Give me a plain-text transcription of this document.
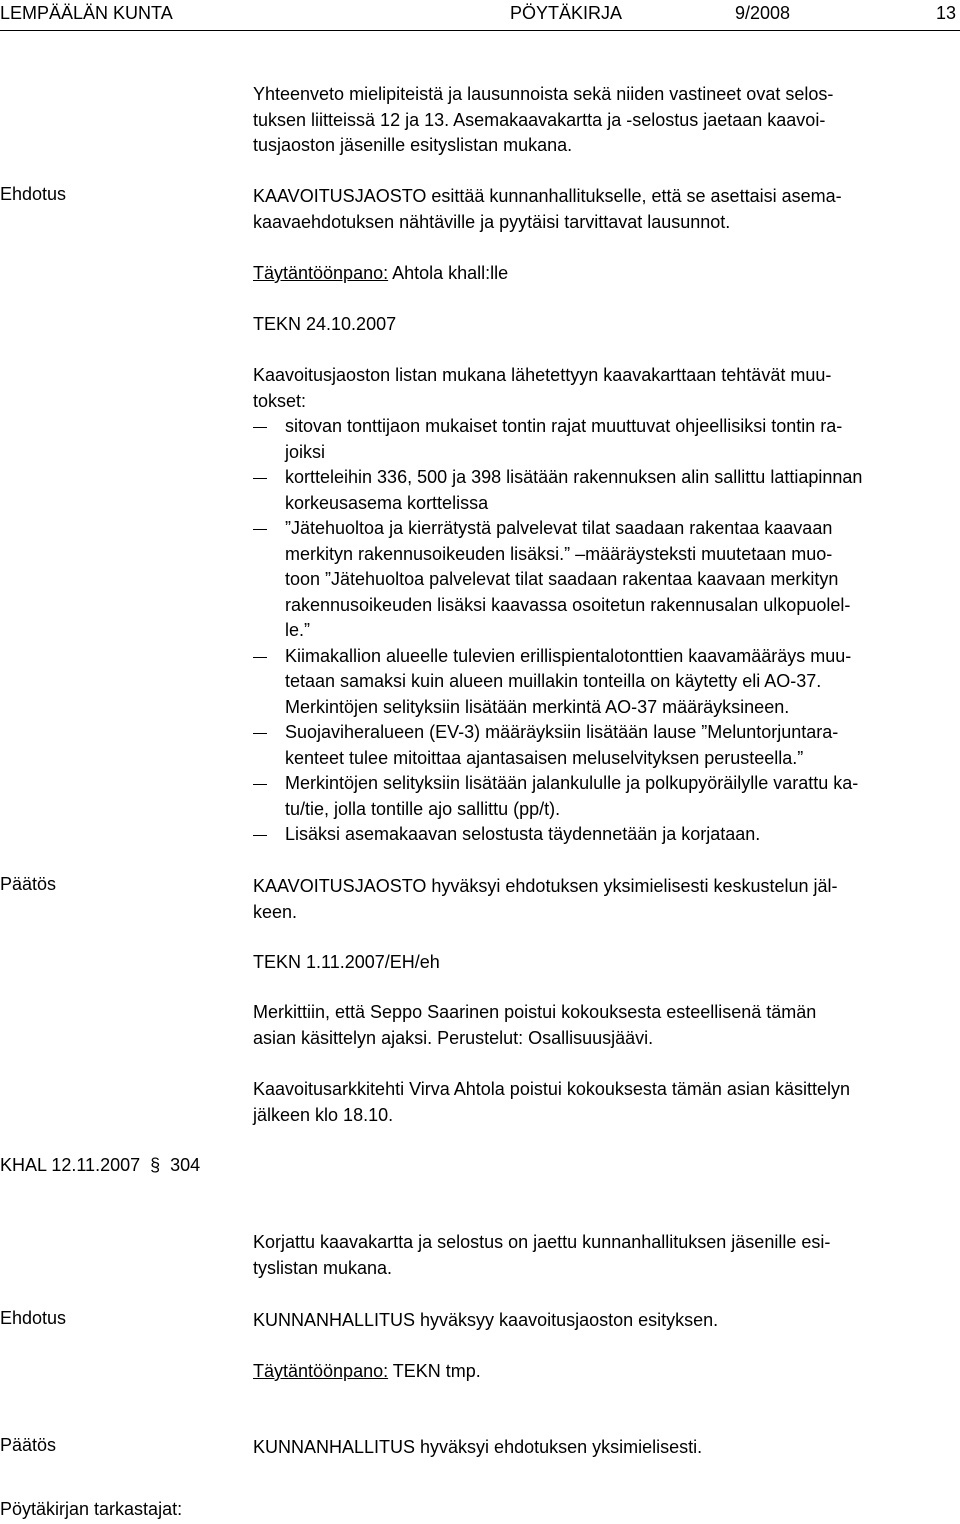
LEMPÄÄLÄN KUNTA	PÖYTÄKIRJA	9/2008	13
Yhteenveto mielipiteistä ja lausunnoista sekä niiden vastineet ovat selos-
tuksen liitteissä 12 ja 13. Asemakaavakartta ja -selostus jaetaan kaavoi-
tusjaoston jäsenille esityslistan mukana.
Ehdotus	KAAVOITUSJAOSTO esittää kunnanhallitukselle, että se asettaisi asema-
kaavaehdotuksen nähtäville ja pyytäisi tarvittavat lausunnot.
Täytäntöönpano: Ahtola khall:lle
TEKN 24.10.2007
Kaavoitusjaoston listan mukana lähetettyyn kaavakarttaan tehtävät muu-
tokset:
sitovan tonttijaon mukaiset tontin rajat muuttuvat ohjeellisiksi tontin ra-
joiksi
kortteleihin 336, 500 ja 398 lisätään rakennuksen alin sallittu lattiapinnan
korkeusasema korttelissa
”Jätehuoltoa ja kierrätystä palvelevat tilat saadaan rakentaa kaavaan
merkityn rakennusoikeuden lisäksi.” –määräysteksti muutetaan muo-
toon ”Jätehuoltoa palvelevat tilat saadaan rakentaa kaavaan merkityn
rakennusoikeuden lisäksi kaavassa osoitetun rakennusalan ulkopuolel-
le.”
Kiimakallion alueelle tulevien erillispientalotonttien kaavamääräys muu-
tetaan samaksi kuin alueen muillakin tonteilla on käytetty eli AO-37.
Merkintöjen selityksiin lisätään merkintä AO-37 määräyksineen.
Suojaviheralueen (EV-3) määräyksiin lisätään lause ”Meluntorjuntara-
kenteet tulee mitoittaa ajantasaisen meluselvityksen perusteella.”
Merkintöjen selityksiin lisätään jalankululle ja polkupyöräilylle varattu ka-
tu/tie, jolla tontille ajo sallittu (pp/t).
Lisäksi asemakaavan selostusta täydennetään ja korjataan.
Päätös	KAAVOITUSJAOSTO hyväksyi ehdotuksen yksimielisesti keskustelun jäl-
keen.
TEKN 1.11.2007/EH/eh
Merkittiin, että Seppo Saarinen poistui kokouksesta esteellisenä tämän
asian käsittelyn ajaksi. Perustelut: Osallisuusjäävi.
Kaavoitusarkkitehti Virva Ahtola poistui kokouksesta tämän asian käsittelyn
jälkeen klo 18.10.
KHAL 12.11.2007 § 304
Korjattu kaavakartta ja selostus on jaettu kunnanhallituksen jäsenille esi-
tyslistan mukana.
Ehdotus	KUNNANHALLITUS hyväksyy kaavoitusjaoston esityksen.
Täytäntöönpano: TEKN tmp.
Päätös	KUNNANHALLITUS hyväksyi ehdotuksen yksimielisesti.
Pöytäkirjan tarkastajat:
